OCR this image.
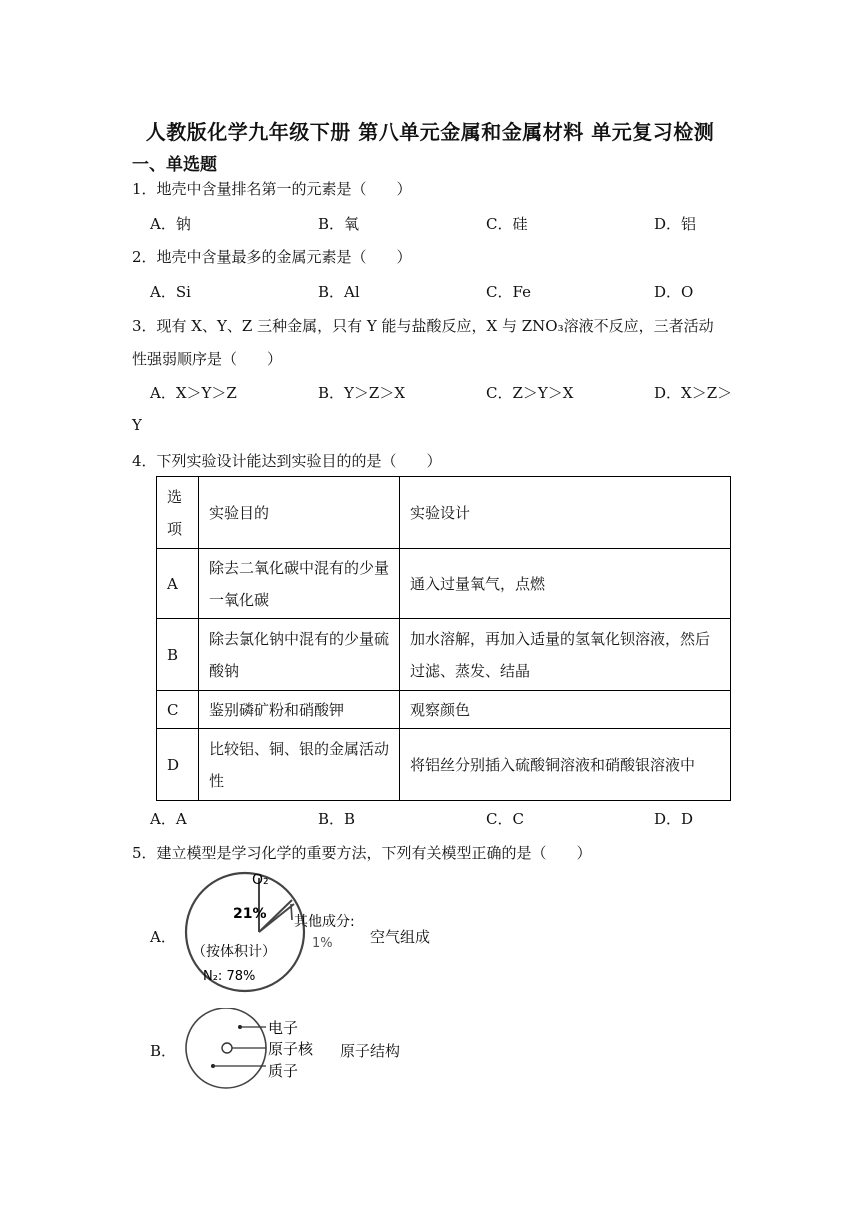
人教版化学九年级下册 第八单元金属和金属材料 单元复习检测
一、单选题
1．地壳中含量排名第一的元素是（　　）
A．钠	B．氧	C．硅	D．铝
2．地壳中含量最多的金属元素是（　　）
A．Si	B．Al	C．Fe	D．O
3．现有 X、Y、Z 三种金属，只有 Y 能与盐酸反应，X 与 ZNO₃溶液不反应，三者活动
性强弱顺序是（　　）
A．X＞Y＞Z	B．Y＞Z＞X	C．Z＞Y＞X	D．X＞Z＞
Y
4．下列实验设计能达到实验目的的是（　　）
选项	实验目的	实验设计
A	除去二氧化碳中混有的少量一氧化碳	通入过量氧气，点燃
B	除去氯化钠中混有的少量硫酸钠	加水溶解，再加入适量的氢氧化钡溶液，然后过滤、蒸发、结晶
C	鉴别磷矿粉和硝酸钾	观察颜色
D	比较铝、铜、银的金属活动性	将铝丝分别插入硫酸铜溶液和硝酸银溶液中
A．A	B．B	C．C	D．D
5．建立模型是学习化学的重要方法，下列有关模型正确的是（　　）
A．
O₂
21% 其他成分:
1%
（按体积计）
N₂: 78%
空气组成
B．
电子
原子核
质子
原子结构
